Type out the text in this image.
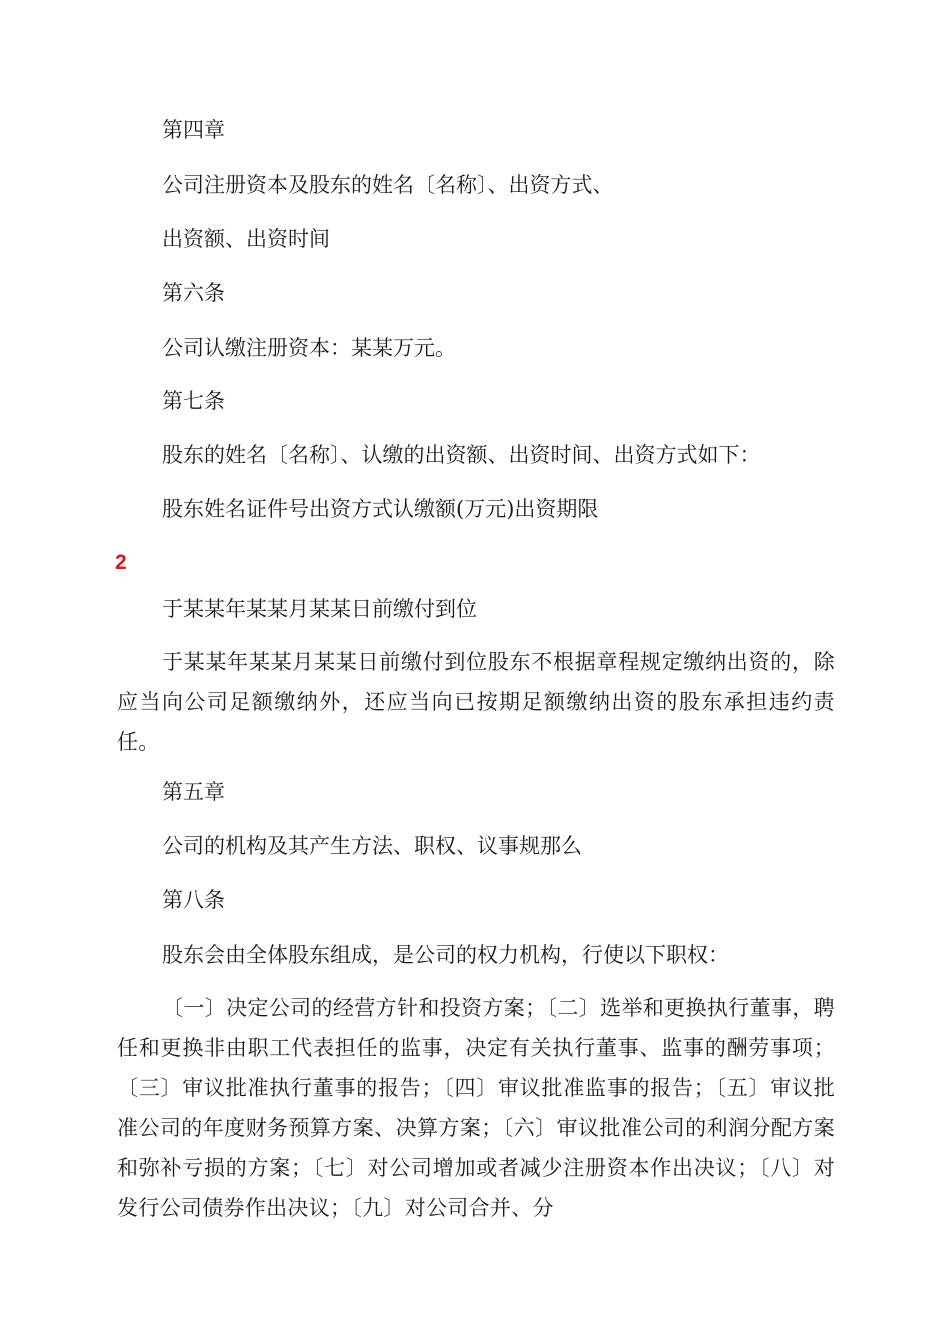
第四章

公司注册资本及股东的姓名〔名称〕、出资方式、

出资额、出资时间

第六条

公司认缴注册资本：某某万元。

第七条

股东的姓名〔名称〕、认缴的出资额、出资时间、出资方式如下：

股东姓名证件号出资方式认缴额(万元)出资期限

2

于某某年某某月某某日前缴付到位

于某某年某某月某某日前缴付到位股东不根据章程规定缴纳出资的，除应当向公司足额缴纳外，还应当向已按期足额缴纳出资的股东承担违约责任。

第五章

公司的机构及其产生方法、职权、议事规那么

第八条

股东会由全体股东组成，是公司的权力机构，行使以下职权：

〔一〕决定公司的经营方针和投资方案；〔二〕选举和更换执行董事，聘任和更换非由职工代表担任的监事，决定有关执行董事、监事的酬劳事项；〔三〕审议批准执行董事的报告；〔四〕审议批准监事的报告；〔五〕审议批准公司的年度财务预算方案、决算方案；〔六〕审议批准公司的利润分配方案和弥补亏损的方案；〔七〕对公司增加或者减少注册资本作出决议；〔八〕对发行公司债券作出决议；〔九〕对公司合并、分
